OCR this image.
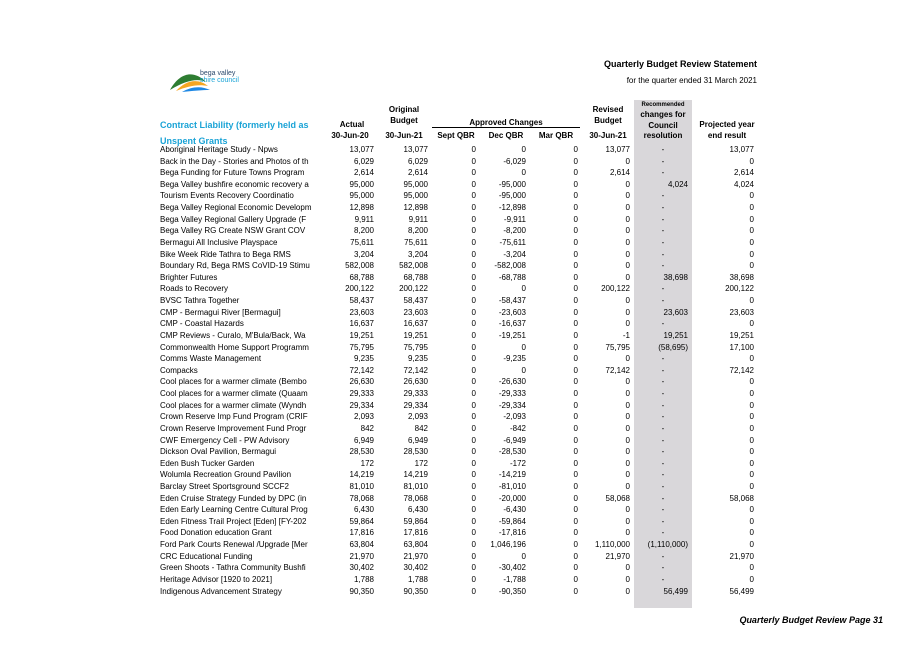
bega valley
shire council
Quarterly Budget Review Statement
for the quarter ended 31 March 2021
Contract Liability (formerly held as
Unspent Grants
Actual
30-Jun-20
Original
Budget
30-Jun-21
Approved Changes
Sept QBR	Dec QBR	Mar QBR
Revised
Budget
30-Jun-21
Recommended
changes for
Council
resolution
Projected year
end result
Aboriginal Heritage Study - Npws	13,077	13,077	0	0	0	13,077	-	13,077
Back in the Day - Stories and Photos of th	6,029	6,029	0	-6,029	0	0	-	0
Bega Funding for Future Towns Program	2,614	2,614	0	0	0	2,614	-	2,614
Bega Valley bushfire economic recovery a	95,000	95,000	0	-95,000	0	0	4,024	4,024
Tourism Events Recovery Coordinatio	95,000	95,000	0	-95,000	0	0	-	0
Bega Valley Regional Economic Developm	12,898	12,898	0	-12,898	0	0	-	0
Bega Valley Regional Gallery Upgrade (F	9,911	9,911	0	-9,911	0	0	-	0
Bega Valley RG Create NSW Grant COV	8,200	8,200	0	-8,200	0	0	-	0
Bermagui All Inclusive Playspace	75,611	75,611	0	-75,611	0	0	-	0
Bike Week Ride Tathra to Bega RMS	3,204	3,204	0	-3,204	0	0	-	0
Boundary Rd, Bega RMS CoVID-19 Stimu	582,008	582,008	0	-582,008	0	0	-	0
Brighter Futures	68,788	68,788	0	-68,788	0	0	38,698	38,698
Roads to Recovery	200,122	200,122	0	0	0	200,122	-	200,122
BVSC Tathra Together	58,437	58,437	0	-58,437	0	0	-	0
CMP - Bermagui River [Bermagui]	23,603	23,603	0	-23,603	0	0	23,603	23,603
CMP - Coastal Hazards	16,637	16,637	0	-16,637	0	0	-	0
CMP Reviews - Curalo, M'Bula/Back, Wa	19,251	19,251	0	-19,251	0	-1	19,251	19,251
Commonwealth Home Support Programm	75,795	75,795	0	0	0	75,795	(58,695)	17,100
Comms Waste Management	9,235	9,235	0	-9,235	0	0	-	0
Compacks	72,142	72,142	0	0	0	72,142	-	72,142
Cool places for a warmer climate (Bembo	26,630	26,630	0	-26,630	0	0	-	0
Cool places for a warmer climate (Quaam	29,333	29,333	0	-29,333	0	0	-	0
Cool places for a warmer climate (Wyndh	29,334	29,334	0	-29,334	0	0	-	0
Crown Reserve Imp Fund Program (CRIF	2,093	2,093	0	-2,093	0	0	-	0
Crown Reserve Improvement Fund Progr	842	842	0	-842	0	0	-	0
CWF Emergency Cell - PW Advisory	6,949	6,949	0	-6,949	0	0	-	0
Dickson Oval Pavilion, Bermagui	28,530	28,530	0	-28,530	0	0	-	0
Eden Bush Tucker Garden	172	172	0	-172	0	0	-	0
Wolumla Recreation Ground Pavilion	14,219	14,219	0	-14,219	0	0	-	0
Barclay Street Sportsground SCCF2	81,010	81,010	0	-81,010	0	0	-	0
Eden Cruise Strategy Funded by DPC (in	78,068	78,068	0	-20,000	0	58,068	-	58,068
Eden Early Learning Centre Cultural Prog	6,430	6,430	0	-6,430	0	0	-	0
Eden Fitness Trail Project [Eden] [FY-202	59,864	59,864	0	-59,864	0	0	-	0
Food Donation education Grant	17,816	17,816	0	-17,816	0	0	-	0
Ford Park Courts Renewal /Upgrade [Mer	63,804	63,804	0	1,046,196	0	1,110,000	(1,110,000)	0
CRC Educational Funding	21,970	21,970	0	0	0	21,970	-	21,970
Green Shoots - Tathra Community Bushfi	30,402	30,402	0	-30,402	0	0	-	0
Heritage Advisor [1920 to 2021]	1,788	1,788	0	-1,788	0	0	-	0
Indigenous Advancement Strategy	90,350	90,350	0	-90,350	0	0	56,499	56,499
Quarterly Budget Review Page 31
